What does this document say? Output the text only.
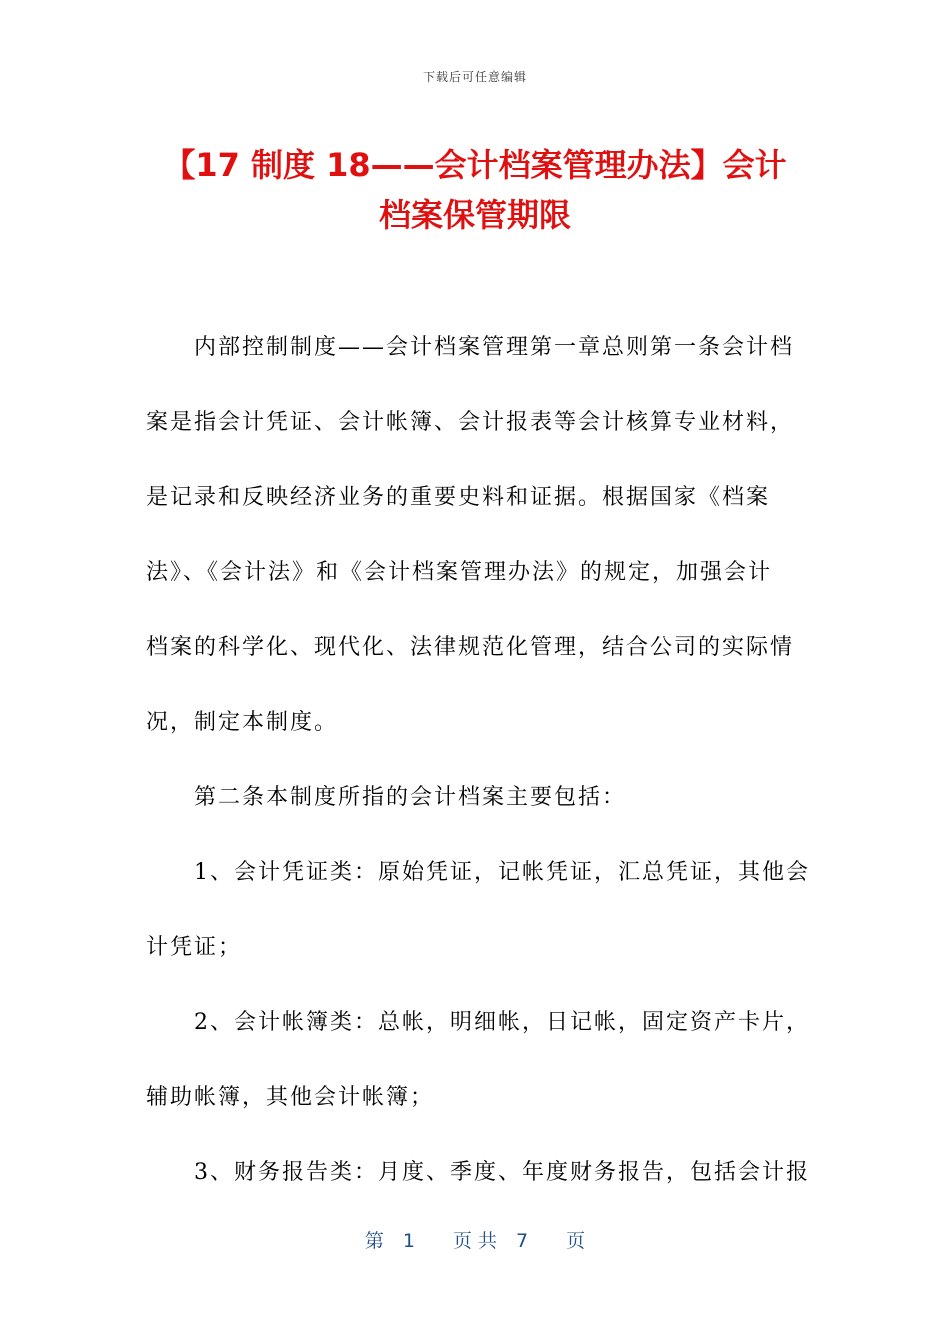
下载后可任意编辑
【17 制度 18——会计档案管理办法】会计
档案保管期限
　　内部控制制度——会计档案管理第一章总则第一条会计档
案是指会计凭证、会计帐簿、会计报表等会计核算专业材料，
是记录和反映经济业务的重要史料和证据。根据国家《档案
法》、《会计法》和《会计档案管理办法》的规定，加强会计
档案的科学化、现代化、法律规范化管理，结合公司的实际情
况，制定本制度。
　　第二条本制度所指的会计档案主要包括：
　　1、会计凭证类：原始凭证，记帐凭证，汇总凭证，其他会
计凭证；
　　2、会计帐簿类：总帐，明细帐，日记帐，固定资产卡片，
辅助帐簿，其他会计帐簿；
　　3、财务报告类：月度、季度、年度财务报告，包括会计报
第　1　　页 共　7　　页
